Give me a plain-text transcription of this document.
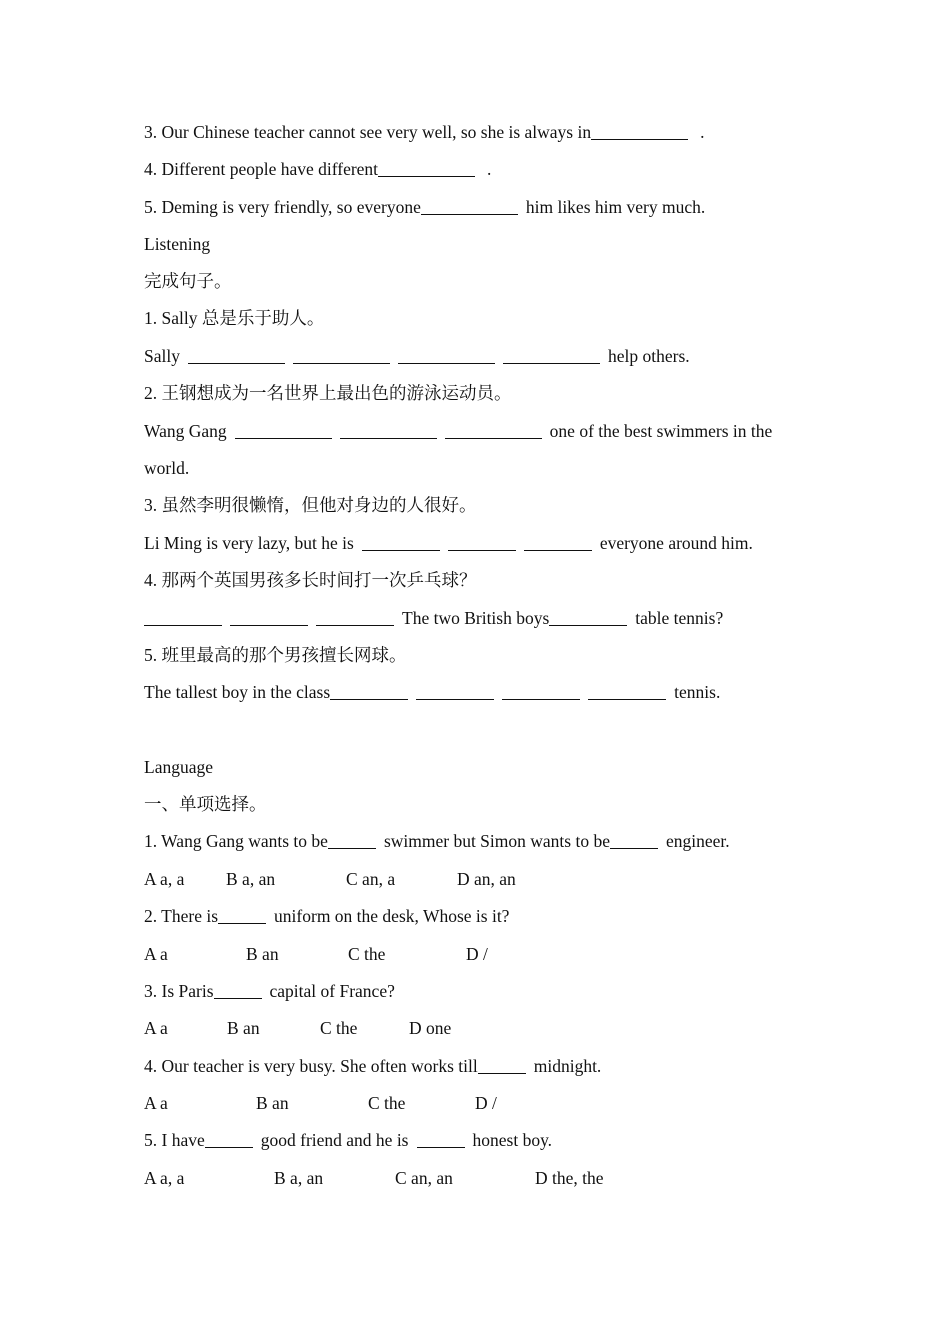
3. Our Chinese teacher cannot see very well, so she is always in	.
4. Different people have different	.
5. Deming is very friendly, so everyone	him likes him very much.
Listening
完成句子。
1. Sally 总是乐于助人。
Sally	help others.
2. 王钢想成为一名世界上最出色的游泳运动员。
Wang Gang	one of the best swimmers in the
world.
3. 虽然李明很懒惰，但他对身边的人很好。
Li Ming is very lazy, but he is	everyone around him.
4. 那两个英国男孩多长时间打一次乒乓球？
The two British boys	table tennis?
5. 班里最高的那个男孩擅长网球。
The tallest boy in the class	tennis.
Language
一、单项选择。
1. Wang Gang wants to be	swimmer but Simon wants to be	engineer.
A a, a B a, an	C an, a	D an, an
2. There is	uniform on the desk, Whose is it?
A a	B an	C the	D /
3. Is Paris	capital of France?
A a	B an	C the	D one
4. Our teacher is very busy. She often works till	midnight.
A a	B an	C the	D /
5. I have	good friend and he is	honest boy.
A a, a	B a, an	C an, an	D the, the
